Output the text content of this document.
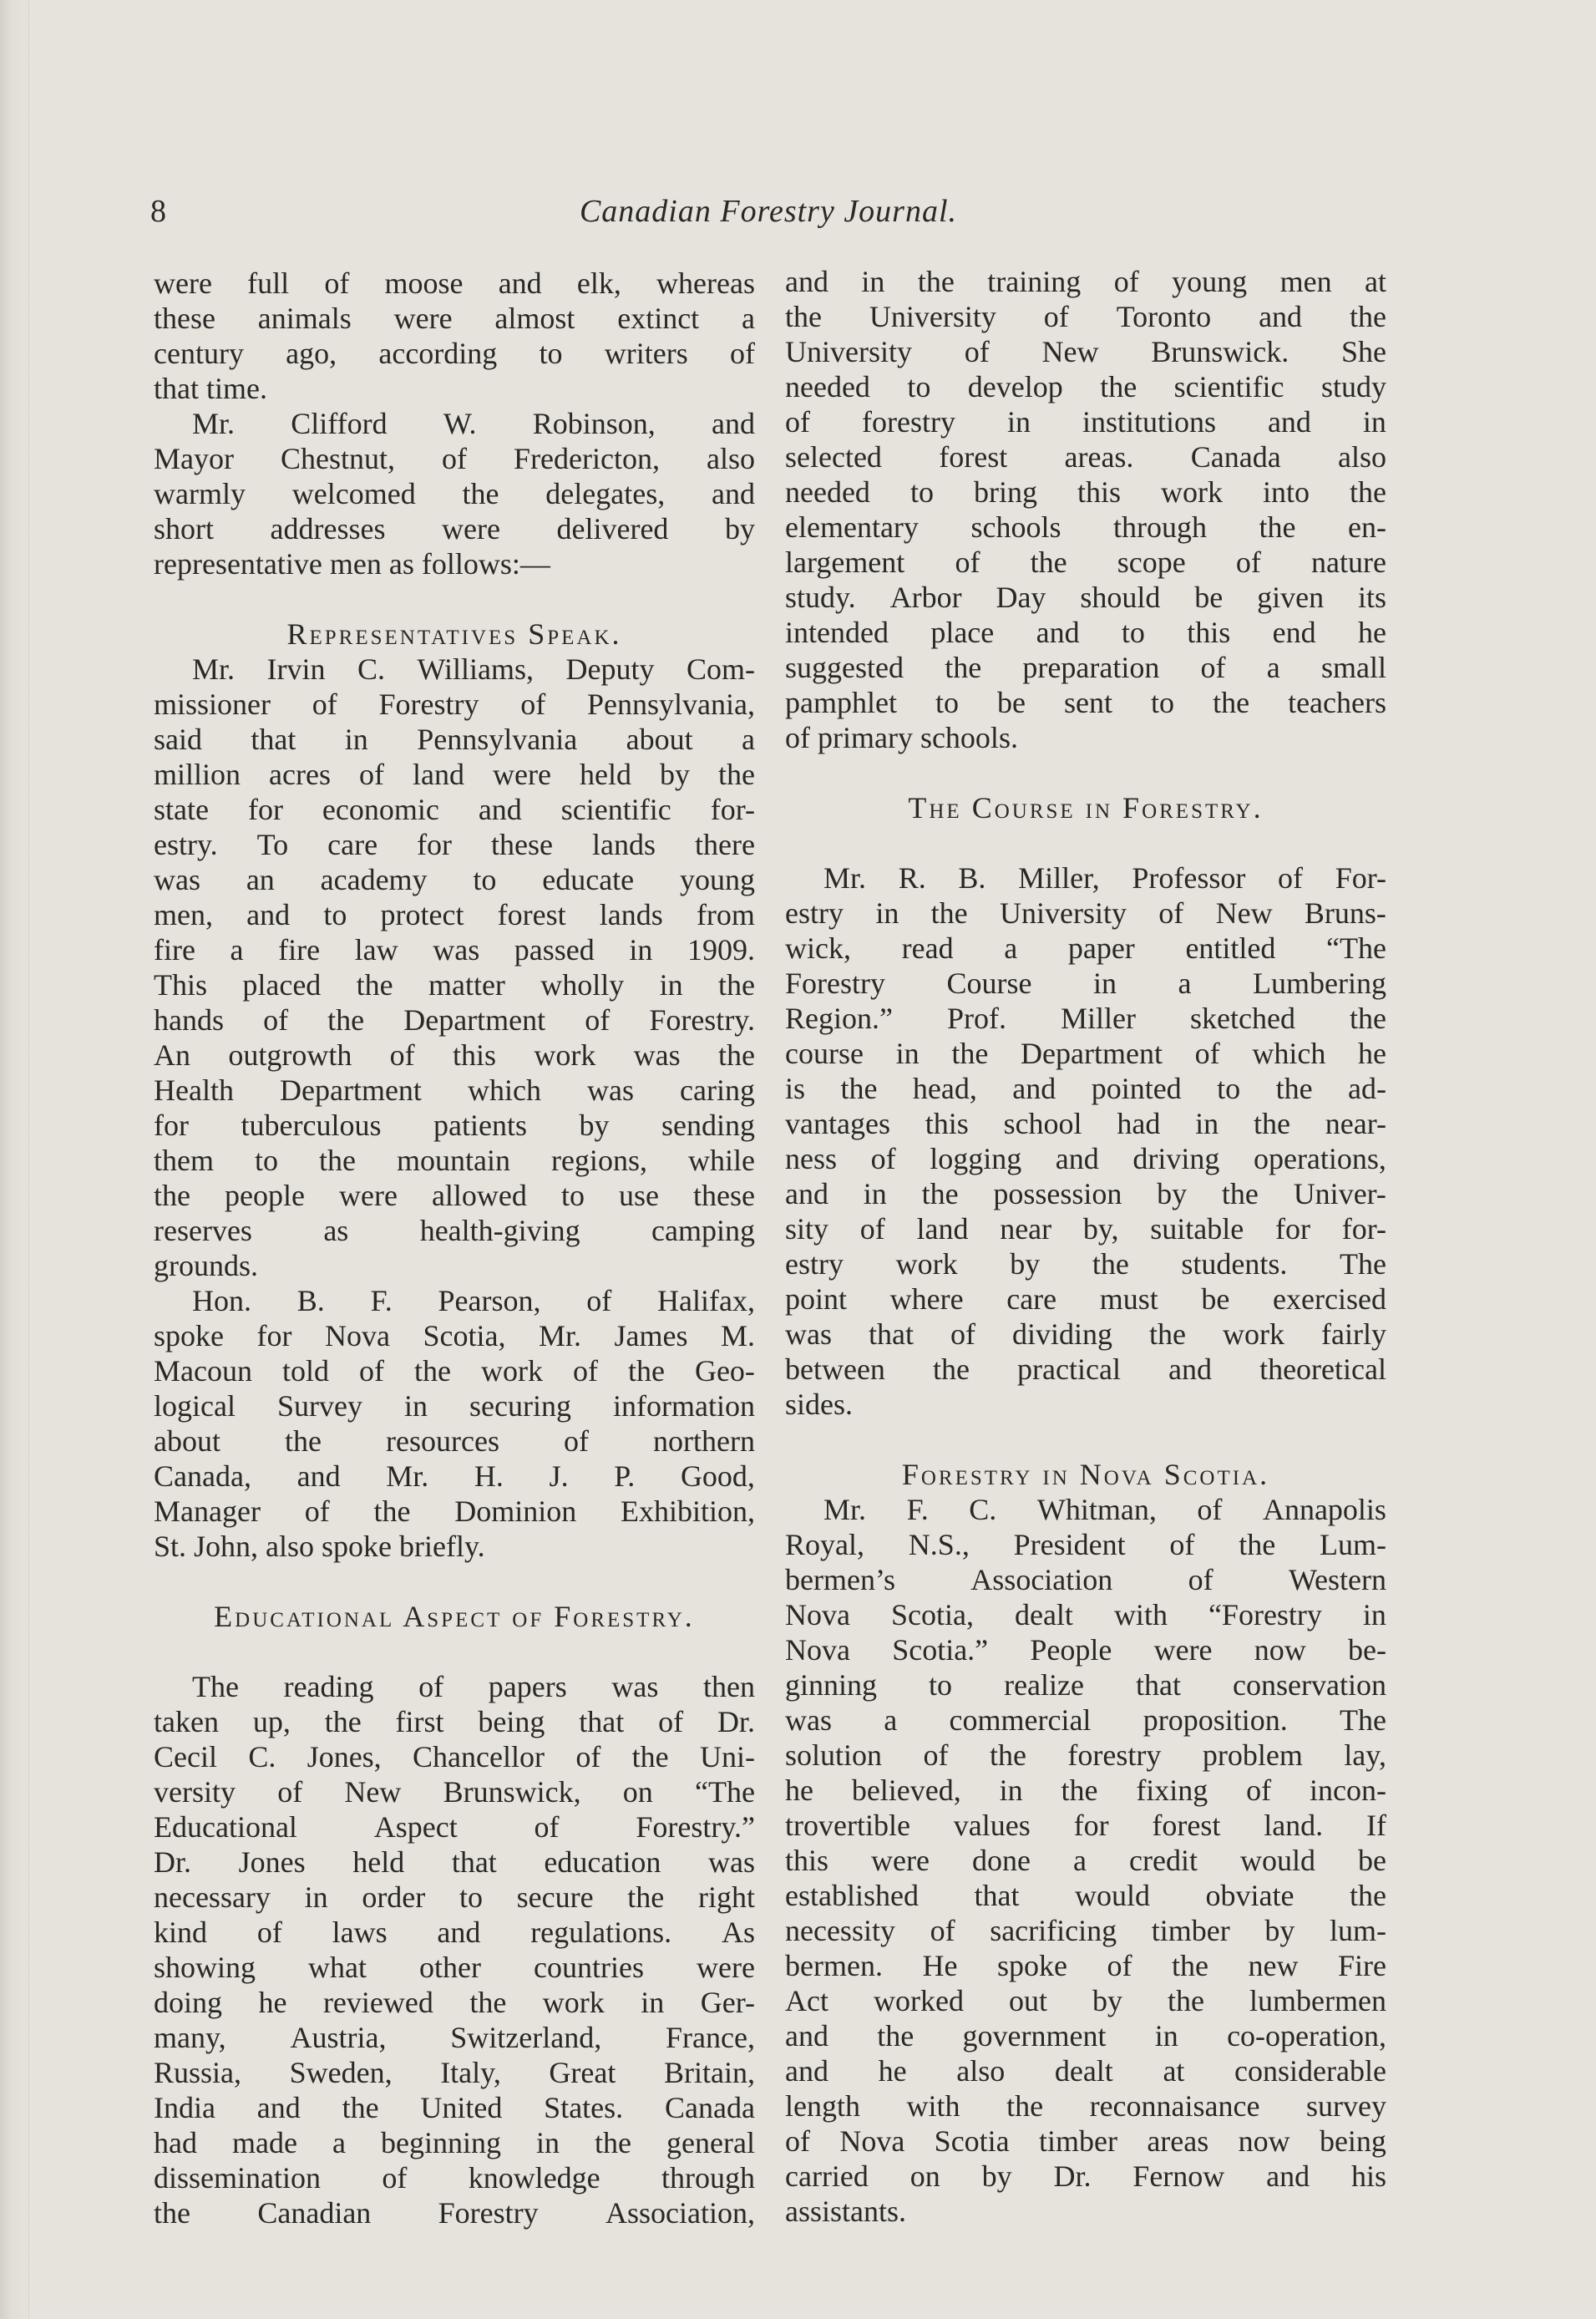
8	Canadian Forestry Journal.
were full of moose and elk, whereas
these animals were almost extinct a
century ago, according to writers of
that time.
Mr. Clifford W. Robinson, and
Mayor Chestnut, of Fredericton, also
warmly welcomed the delegates, and
short addresses were delivered by
representative men as follows:—
Representatives Speak.
Mr. Irvin C. Williams, Deputy Com-
missioner of Forestry of Pennsylvania,
said that in Pennsylvania about a
million acres of land were held by the
state for economic and scientific for-
estry. To care for these lands there
was an academy to educate young
men, and to protect forest lands from
fire a fire law was passed in 1909.
This placed the matter wholly in the
hands of the Department of Forestry.
An outgrowth of this work was the
Health Department which was caring
for tuberculous patients by sending
them to the mountain regions, while
the people were allowed to use these
reserves as health-giving camping
grounds.
Hon. B. F. Pearson, of Halifax,
spoke for Nova Scotia, Mr. James M.
Macoun told of the work of the Geo-
logical Survey in securing information
about the resources of northern
Canada, and Mr. H. J. P. Good,
Manager of the Dominion Exhibition,
St. John, also spoke briefly.
Educational Aspect of Forestry.
The reading of papers was then
taken up, the first being that of Dr.
Cecil C. Jones, Chancellor of the Uni-
versity of New Brunswick, on “The
Educational	Aspect	of	Forestry.”
Dr. Jones held that education was
necessary in order to secure the right
kind of laws and regulations. As
showing what other countries were
doing he reviewed the work in Ger-
many, Austria, Switzerland, France,
Russia, Sweden, Italy, Great Britain,
India and the United States. Canada
had made a beginning in the general
dissemination of knowledge through
the Canadian Forestry Association,
and in the training of young men at
the University of Toronto and the
University of New Brunswick. She
needed to develop the scientific study
of forestry in institutions and in
selected forest areas. Canada also
needed to bring this work into the
elementary schools through the en-
largement of the scope of nature
study. Arbor Day should be given its
intended place and to this end he
suggested the preparation of a small
pamphlet to be sent to the teachers
of primary schools.
The Course in Forestry.
Mr. R. B. Miller, Professor of For-
estry in the University of New Bruns-
wick, read a paper entitled “The
Forestry Course in a Lumbering
Region.” Prof. Miller sketched the
course in the Department of which he
is the head, and pointed to the ad-
vantages this school had in the near-
ness of logging and driving operations,
and in the possession by the Univer-
sity of land near by, suitable for for-
estry work by the students. The
point where care must be exercised
was that of dividing the work fairly
between the practical and theoretical
sides.
Forestry in Nova Scotia.
Mr. F. C. Whitman, of Annapolis
Royal, N.S., President of the Lum-
bermen’s	Association	of	Western
Nova Scotia, dealt with “Forestry in
Nova Scotia.” People were now be-
ginning to realize that conservation
was a commercial proposition. The
solution of the forestry problem lay,
he believed, in the fixing of incon-
trovertible values for forest land. If
this were done a credit would be
established that would obviate the
necessity of sacrificing timber by lum-
bermen. He spoke of the new Fire
Act worked out by the lumbermen
and the government in co-operation,
and he also dealt at considerable
length with the reconnaisance survey
of Nova Scotia timber areas now being
carried on by Dr. Fernow and his
assistants.
